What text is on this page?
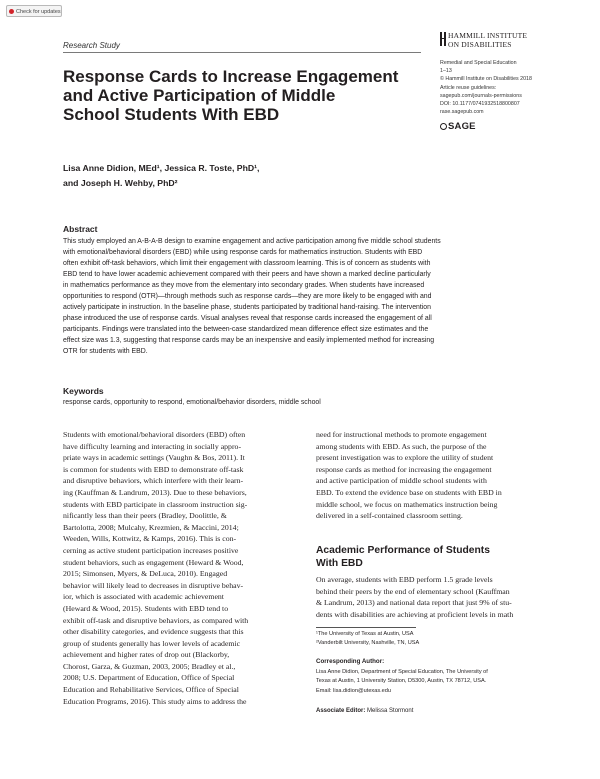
Check for updates
Research Study
HAMMILL INSTITUTE
ON DISABILITIES
Remedial and Special Education
1–13
© Hammill Institute on Disabilities 2018
Article reuse guidelines:
sagepub.com/journals-permissions
DOI: 10.1177/0741932518800807
rase.sagepub.com
SAGE
Response Cards to Increase Engagement
and Active Participation of Middle
School Students With EBD
Lisa Anne Didion, MEd¹, Jessica R. Toste, PhD¹,
and Joseph H. Wehby, PhD²
Abstract
This study employed an A-B-A-B design to examine engagement and active participation among five middle school students
with emotional/behavioral disorders (EBD) while using response cards for mathematics instruction. Students with EBD
often exhibit off-task behaviors, which limit their engagement with classroom learning. This is of concern as students with
EBD tend to have lower academic achievement compared with their peers and have shown a marked decline particularly
in mathematics performance as they move from the elementary into secondary grades. When students have increased
opportunities to respond (OTR)—through methods such as response cards—they are more likely to be engaged with and
actively participate in instruction. In the baseline phase, students participated by traditional hand-raising. The intervention
phase introduced the use of response cards. Visual analyses reveal that response cards increased the engagement of all
participants. Findings were translated into the between-case standardized mean difference effect size estimates and the
effect size was 1.3, suggesting that response cards may be an inexpensive and easily implemented method for increasing
OTR for students with EBD.
Keywords
response cards, opportunity to respond, emotional/behavior disorders, middle school
Students with emotional/behavioral disorders (EBD) often
have difficulty learning and interacting in socially appro-
priate ways in academic settings (Vaughn & Bos, 2011). It
is common for students with EBD to demonstrate off-task
and disruptive behaviors, which interfere with their learn-
ing (Kauffman & Landrum, 2013). Due to these behaviors,
students with EBD participate in classroom instruction sig-
nificantly less than their peers (Bradley, Doolittle, &
Bartolotta, 2008; Mulcahy, Krezmien, & Maccini, 2014;
Weeden, Wills, Kottwitz, & Kamps, 2016). This is con-
cerning as active student participation increases positive
student behaviors, such as engagement (Heward & Wood,
2015; Simonsen, Myers, & DeLuca, 2010). Engaged
behavior will likely lead to decreases in disruptive behav-
ior, which is associated with academic achievement
(Heward & Wood, 2015). Students with EBD tend to
exhibit off-task and disruptive behaviors, as compared with
other disability categories, and evidence suggests that this
group of students generally has lower levels of academic
achievement and higher rates of drop out (Blackorby,
Chorost, Garza, & Guzman, 2003, 2005; Bradley et al.,
2008; U.S. Department of Education, Office of Special
Education and Rehabilitative Services, Office of Special
Education Programs, 2016). This study aims to address the
need for instructional methods to promote engagement
among students with EBD. As such, the purpose of the
present investigation was to explore the utility of student
response cards as method for increasing the engagement
and active participation of middle school students with
EBD. To extend the evidence base on students with EBD in
middle school, we focus on mathematics instruction being
delivered in a self-contained classroom setting.
Academic Performance of Students
With EBD
On average, students with EBD perform 1.5 grade levels
behind their peers by the end of elementary school (Kauffman
& Landrum, 2013) and national data report that just 9% of stu-
dents with disabilities are achieving at proficient levels in math
¹The University of Texas at Austin, USA
²Vanderbilt University, Nashville, TN, USA
Corresponding Author:
Lisa Anne Didion, Department of Special Education, The University of
Texas at Austin, 1 University Station, D5300, Austin, TX 78712, USA.
Email: lisa.didion@utexas.edu
Associate Editor: Melissa Stormont
